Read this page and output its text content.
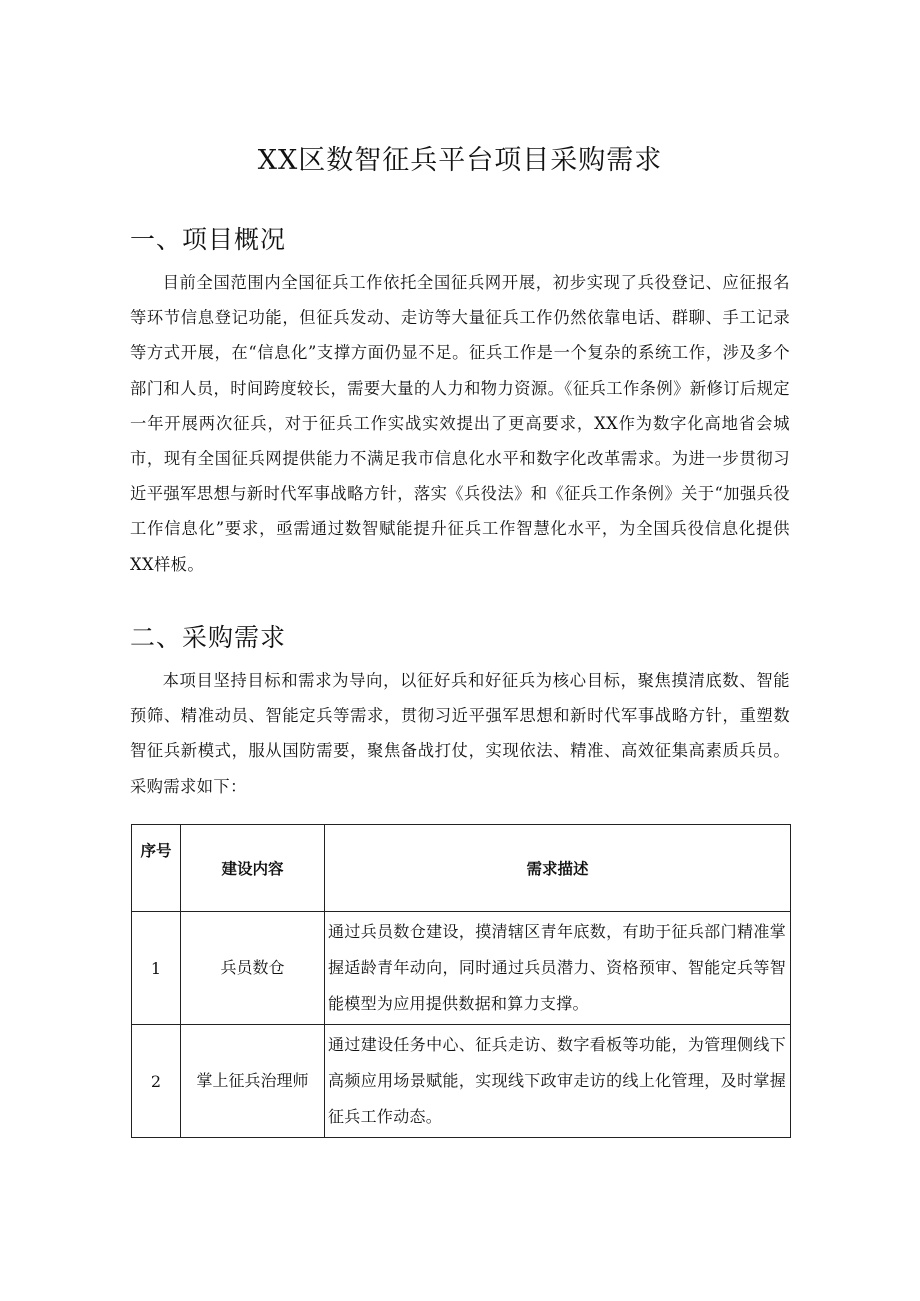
XX区数智征兵平台项目采购需求
一、项目概况

目前全国范围内全国征兵工作依托全国征兵网开展，初步实现了兵役登记、应征报名等环节信息登记功能，但征兵发动、走访等大量征兵工作仍然依靠电话、群聊、手工记录等方式开展，在“信息化”支撑方面仍显不足。征兵工作是一个复杂的系统工作，涉及多个部门和人员，时间跨度较长，需要大量的人力和物力资源。《征兵工作条例》新修订后规定一年开展两次征兵，对于征兵工作实战实效提出了更高要求，XX作为数字化高地省会城市，现有全国征兵网提供能力不满足我市信息化水平和数字化改革需求。为进一步贯彻习近平强军思想与新时代军事战略方针，落实《兵役法》和《征兵工作条例》关于“加强兵役工作信息化”要求，亟需通过数智赋能提升征兵工作智慧化水平，为全国兵役信息化提供XX样板。

二、采购需求

本项目坚持目标和需求为导向，以征好兵和好征兵为核心目标，聚焦摸清底数、智能预筛、精准动员、智能定兵等需求，贯彻习近平强军思想和新时代军事战略方针，重塑数智征兵新模式，服从国防需要，聚焦备战打仗，实现依法、精准、高效征集高素质兵员。采购需求如下：

序号	建设内容	需求描述
1	兵员数仓	通过兵员数仓建设，摸清辖区青年底数，有助于征兵部门精准掌握适龄青年动向，同时通过兵员潜力、资格预审、智能定兵等智能模型为应用提供数据和算力支撑。
2	掌上征兵治理师	通过建设任务中心、征兵走访、数字看板等功能，为管理侧线下高频应用场景赋能，实现线下政审走访的线上化管理，及时掌握征兵工作动态。
